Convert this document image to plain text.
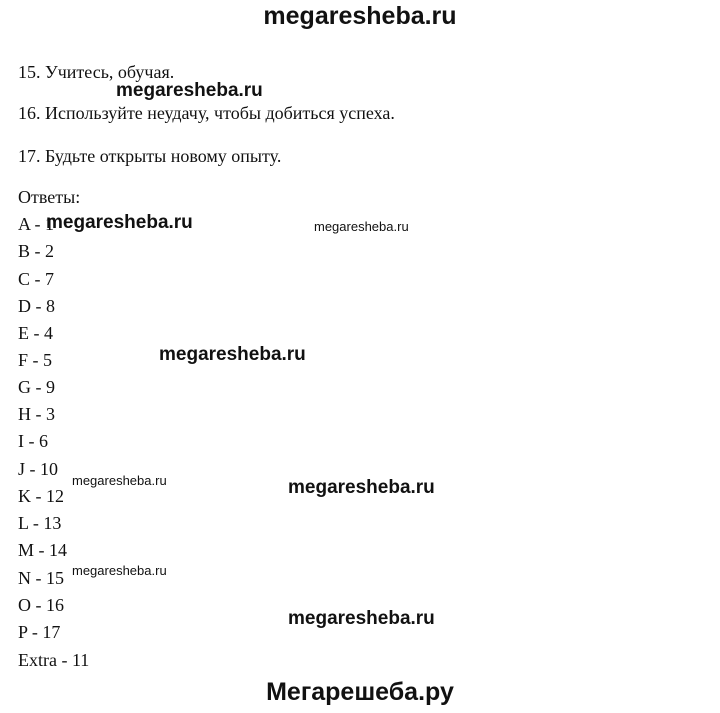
megaresheba.ru
15. Учитесь, обучая.
16. Используйте неудачу, чтобы добиться успеха.
17. Будьте открыты новому опыту.
Ответы:
A - 1
B - 2
C - 7
D - 8
E - 4
F - 5
G - 9
H - 3
I - 6
J - 10
K - 12
L - 13
M - 14
N - 15
O - 16
P - 17
Extra - 11
megaresheba.ru
megaresheba.ru	megaresheba.ru
megaresheba.ru
megaresheba.ru	megaresheba.ru
megaresheba.ru
megaresheba.ru
Мегарешеба.ру
